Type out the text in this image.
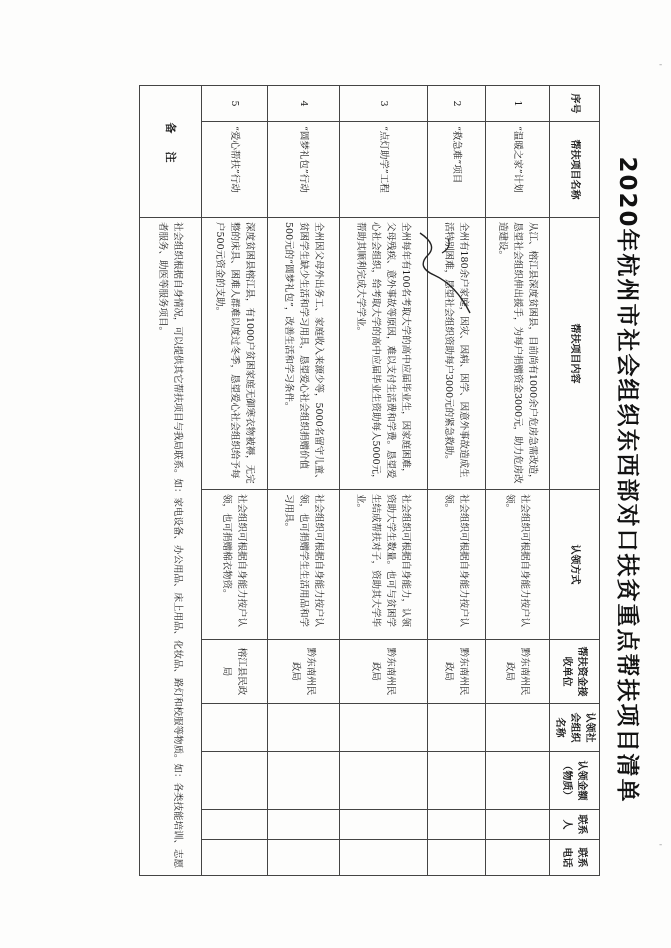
-
-
2020年杭州市社会组织东西部对口扶贫重点帮扶项目清单
序号	帮扶项目名称	帮扶项目内容	认领方式	帮扶资金接收单位	认领社会组织名称	认领金额（物质）	联系人	联系电话
1	“温暖之家”计划	从江、榕江县深度贫困县，目前尚有1000余户危房急需改造，恳望社会组织伸出援手，为每户捐赠资金3000元，助力危房改造建设。	社会组织可根据自身能力按户认领。	黔东南州民政局				
2	“救急难”项目	全州有180余户家庭，因灾、因病、因学、因意外事故造成生活特别困难，恳望社会组织资助每户3000元的紧急救助。	社会组织可根据自身能力按户认领。	黔东南州民政局				
3	“点灯助学”工程	全州每年有100名考取大学的高中应届毕业生，因家庭困难，父母残疾、意外事故等原因，难以支付生活费和学费。恳望爱心社会组织，给考取大学的高中应届毕业生资助每人5000元，帮助其顺利完成大学学业。	社会组织可根据自身能力，认领资助大学生数量。也可与贫困学生结成帮扶对子，资助其大学毕业。	黔东南州民政局				
4	“圆梦礼包”行动	全州因父母外出务工、家庭收入来源少等，5000名留守儿童、贫困学生缺少生活和学习用具，恳望爱心社会组织捐赠价值500元的“圆梦礼包”，改善生活和学习条件。	社会组织可根据自身能力按户认领，也可捐赠学生生活用品和学习用具。	黔东南州民政局				
5	“爱心帮扶”行动	深度贫困县榕江县，有1000户贫困家庭无御寒衣物被褥，无完整的床具、困难人群难以度过冬季，恳望爱心社会组织给予每户500元资金的支助。	社会组织可根据自身能力按户认领，也可捐赠棉衣物资。	榕江县民政局				
备注		社会组织根据自身情况，可以提供其它帮扶项目与我局联系。如：家电设备、办公用品、床上用品、化妆品、路灯和校服等物质。如：各类技能培训、志愿者服务、助医等服务项目。						
